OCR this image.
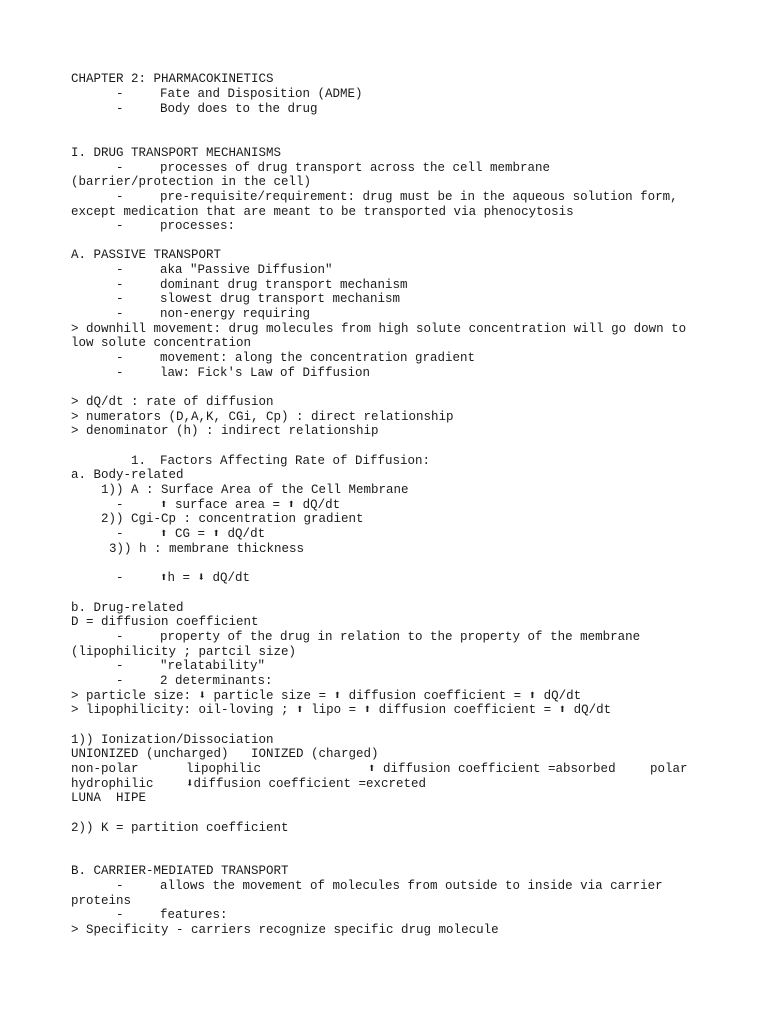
CHAPTER 2: PHARMACOKINETICS
-	Fate and Disposition (ADME)
-	Body does to the drug
I. DRUG TRANSPORT MECHANISMS
-	processes of drug transport across the cell membrane
(barrier/protection in the cell)
-	pre-requisite/requirement: drug must be in the aqueous solution form,
except medication that are meant to be transported via phenocytosis
-	processes:
A. PASSIVE TRANSPORT
-	aka "Passive Diffusion"
-	dominant drug transport mechanism
-	slowest drug transport mechanism
-	non-energy requiring
> downhill movement: drug molecules from high solute concentration will go down to
low solute concentration
-	movement: along the concentration gradient
-	law: Fick's Law of Diffusion
> dQ/dt : rate of diffusion
> numerators (D,A,K, CGi, Cp) : direct relationship
> denominator (h) : indirect relationship
1. Factors Affecting Rate of Diffusion:
a. Body-related
1)) A : Surface Area of the Cell Membrane
-	⬆ surface area = ⬆ dQ/dt
2)) Cgi-Cp : concentration gradient
-	⬆ CG = ⬆ dQ/dt
3)) h : membrane thickness
-	⬆h = ⬇ dQ/dt
b. Drug-related
D = diffusion coefficient
-	property of the drug in relation to the property of the membrane
(lipophilicity ; partcil size)
-	"relatability"
-	2 determinants:
> particle size: ⬇ particle size = ⬆ diffusion coefficient = ⬆ dQ/dt
> lipophilicity: oil-loving ; ⬆ lipo = ⬆ diffusion coefficient = ⬆ dQ/dt
1)) Ionization/Dissociation
UNIONIZED (uncharged)   IONIZED (charged)
non-polar	lipophilic	⬆ diffusion coefficient =absorbed	polar
hydrophilic	⬇diffusion coefficient =excreted
LUNA  HIPE
2)) K = partition coefficient
B. CARRIER-MEDIATED TRANSPORT
-	allows the movement of molecules from outside to inside via carrier
proteins
-	features:
> Specificity - carriers recognize specific drug molecule
